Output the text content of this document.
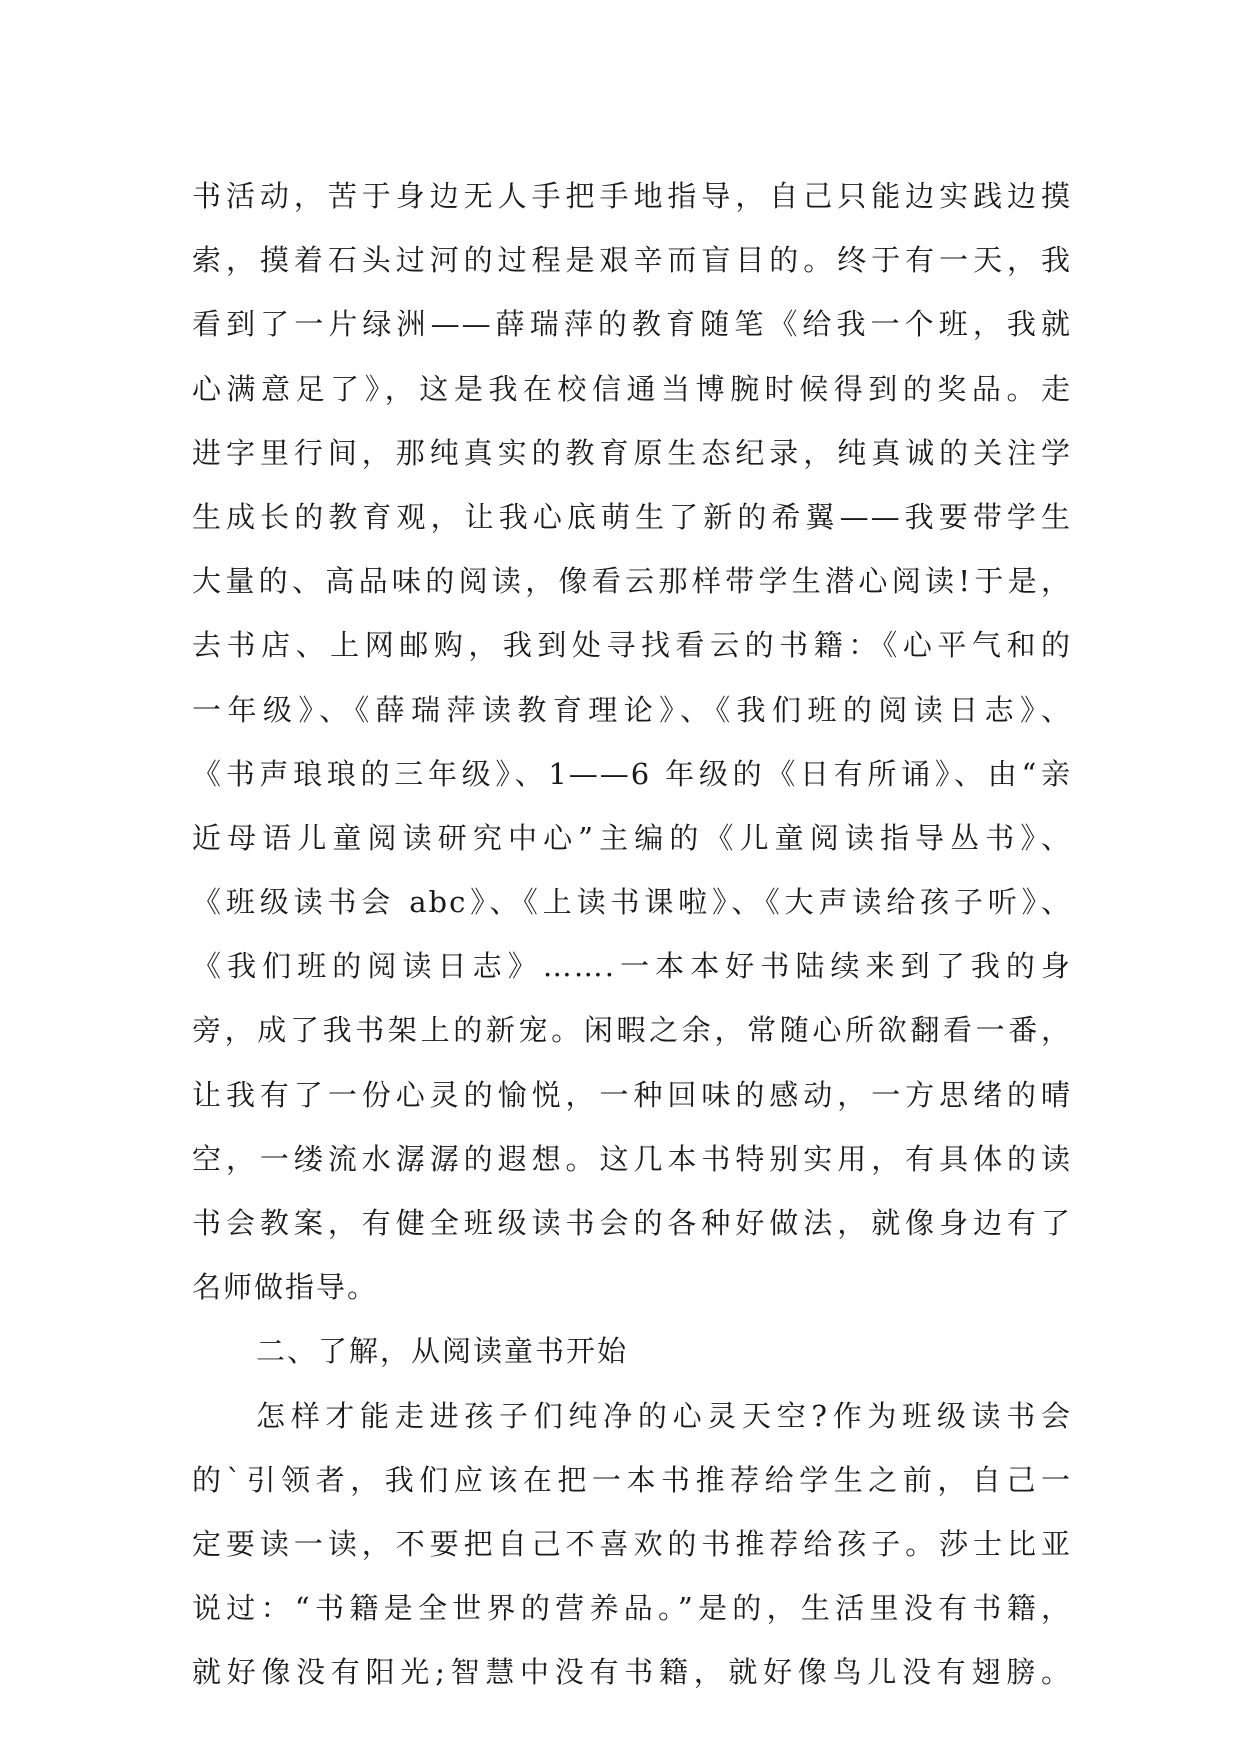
书活动，苦于身边无人手把手地指导，自己只能边实践边摸
索，摸着石头过河的过程是艰辛而盲目的。终于有一天，我
看到了一片绿洲——薛瑞萍的教育随笔《给我一个班，我就
心满意足了》，这是我在校信通当博腕时候得到的奖品。走
进字里行间，那纯真实的教育原生态纪录，纯真诚的关注学
生成长的教育观，让我心底萌生了新的希翼——我要带学生
大量的、高品味的阅读，像看云那样带学生潜心阅读!于是，
去书店、上网邮购，我到处寻找看云的书籍：《心平气和的
一年级》、《薛瑞萍读教育理论》、《我们班的阅读日志》、
《书声琅琅的三年级》、1——6 年级的《日有所诵》、由“亲
近母语儿童阅读研究中心”主编的《儿童阅读指导丛书》、
《班级读书会 abc》、《上读书课啦》、《大声读给孩子听》、
《我们班的阅读日志》…….一本本好书陆续来到了我的身
旁，成了我书架上的新宠。闲暇之余，常随心所欲翻看一番，
让我有了一份心灵的愉悦，一种回味的感动，一方思绪的晴
空，一缕流水潺潺的遐想。这几本书特别实用，有具体的读
书会教案，有健全班级读书会的各种好做法，就像身边有了
名师做指导。
二、了解，从阅读童书开始
怎样才能走进孩子们纯净的心灵天空?作为班级读书会
的`引领者，我们应该在把一本书推荐给学生之前，自己一
定要读一读，不要把自己不喜欢的书推荐给孩子。莎士比亚
说过：“书籍是全世界的营养品。”是的，生活里没有书籍，
就好像没有阳光;智慧中没有书籍，就好像鸟儿没有翅膀。
